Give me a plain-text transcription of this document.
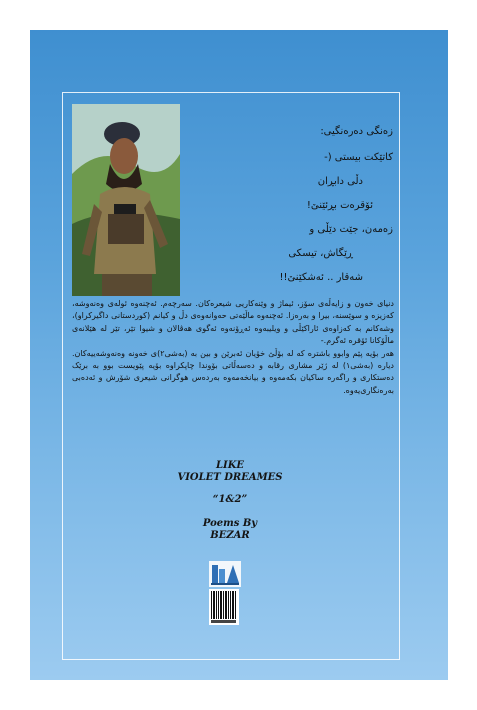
زەنگی دەرەنگیی:
کاتێکت بیستی (-
دڵی دابڕان
ئۆقرەت بڕئێنێ!
زەمەن، جێت دێڵی و
ڕێگاش، تیسکی
شەقار .. ئەشکێنێ!!

دنیای خەون و زایەڵەی سۆز، ئیماژ و وێنەکاریی شیعرەکان. سەرچەم. ئەچنەوە ئولەی وەنەوشە، کەزیزە و سوێسنە، بیرا و بەرەزا. ئەچنەوە ماڵێەتی حەوانەوەی دڵ و کیانم (کوردستانی داگیرکراو)، وشەکانم بە کەزاوەی ئاراکێڵی و ویلیبەوە ئەڕۆنەوە ئەگوی هەڤالان و شیوا تێر، تێر لە هێلانەی ماڵۆکانا ئۆقرە ئەگرم.-

هەر بۆیە پێم وابوو باشترە کە لە بۆڵێ خۆیان ئەبرێن و بین بە (بەشی٢)ی خەونە وەنەوشەییەکان. دیارە (بەشی١) لە ژێر مشاری رقابە و دەسەڵاتی بۆوندا چاپکراوە بۆیە پێویست بوو بە برێک دەستکاری و راگەرە ساکیان بکەمەوە و بیانخەمەوە بەردەس هوگرانی شیعری شۆرش و ئەدەبی بەرەنگاری‌یەوە.

LIKE
VIOLET DREAMES
“1&2”
Poems By
BEZAR
